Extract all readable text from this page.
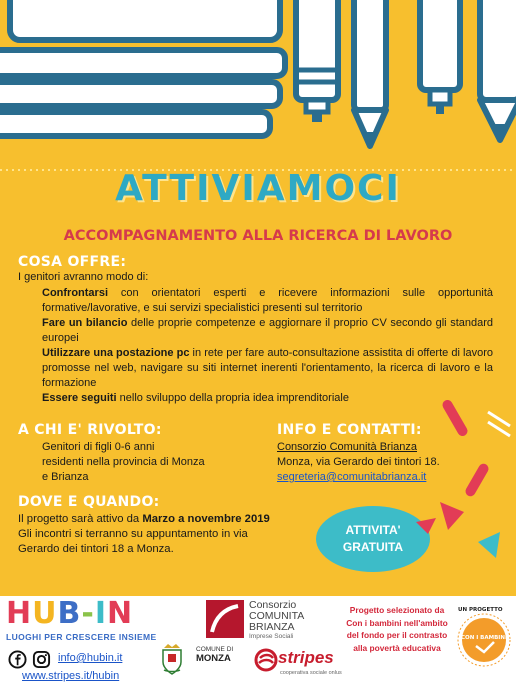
ATTIVIAMOCI
ACCOMPAGNAMENTO ALLA RICERCA DI LAVORO
COSA OFFRE:
I genitori avranno modo di:
Confrontarsi con orientatori esperti e ricevere informazioni sulle opportunità formative/lavorative, e sui servizi specialistici presenti sul territorio
Fare un bilancio delle proprie competenze e aggiornare il proprio CV secondo gli standard europei
Utilizzare una postazione pc in rete per fare auto-consultazione assistita di offerte di lavoro promosse nel web, navigare su siti internet inerenti l'orientamento, la ricerca di lavoro e la formazione
Essere seguiti nello sviluppo della propria idea imprenditoriale
A CHI E' RIVOLTO:
Genitori di figli 0-6 anni
residenti nella provincia di Monza
e Brianza
INFO E CONTATTI:
Consorzio Comunità Brianza
Monza, via Gerardo dei tintori 18.
segreteria@comunitabrianza.it
DOVE E QUANDO:
Il progetto sarà attivo da Marzo a novembre 2019
Gli incontri si terranno su appuntamento in via Gerardo dei tintori 18 a Monza.
ATTIVITA'
GRATUITA
HUB-IN
LUOGHI PER CRESCERE INSIEME
info@hubin.it
www.stripes.it/hubin
COMUNE DI
MONZA
Consorzio
COMUNITA
BRIANZA
Imprese Sociali
stripes
cooperativa sociale onlus
Progetto selezionato da Con i bambini nell'ambito del fondo per il contrasto alla povertà educativa
UN PROGETTO
CON I BAMBINI
